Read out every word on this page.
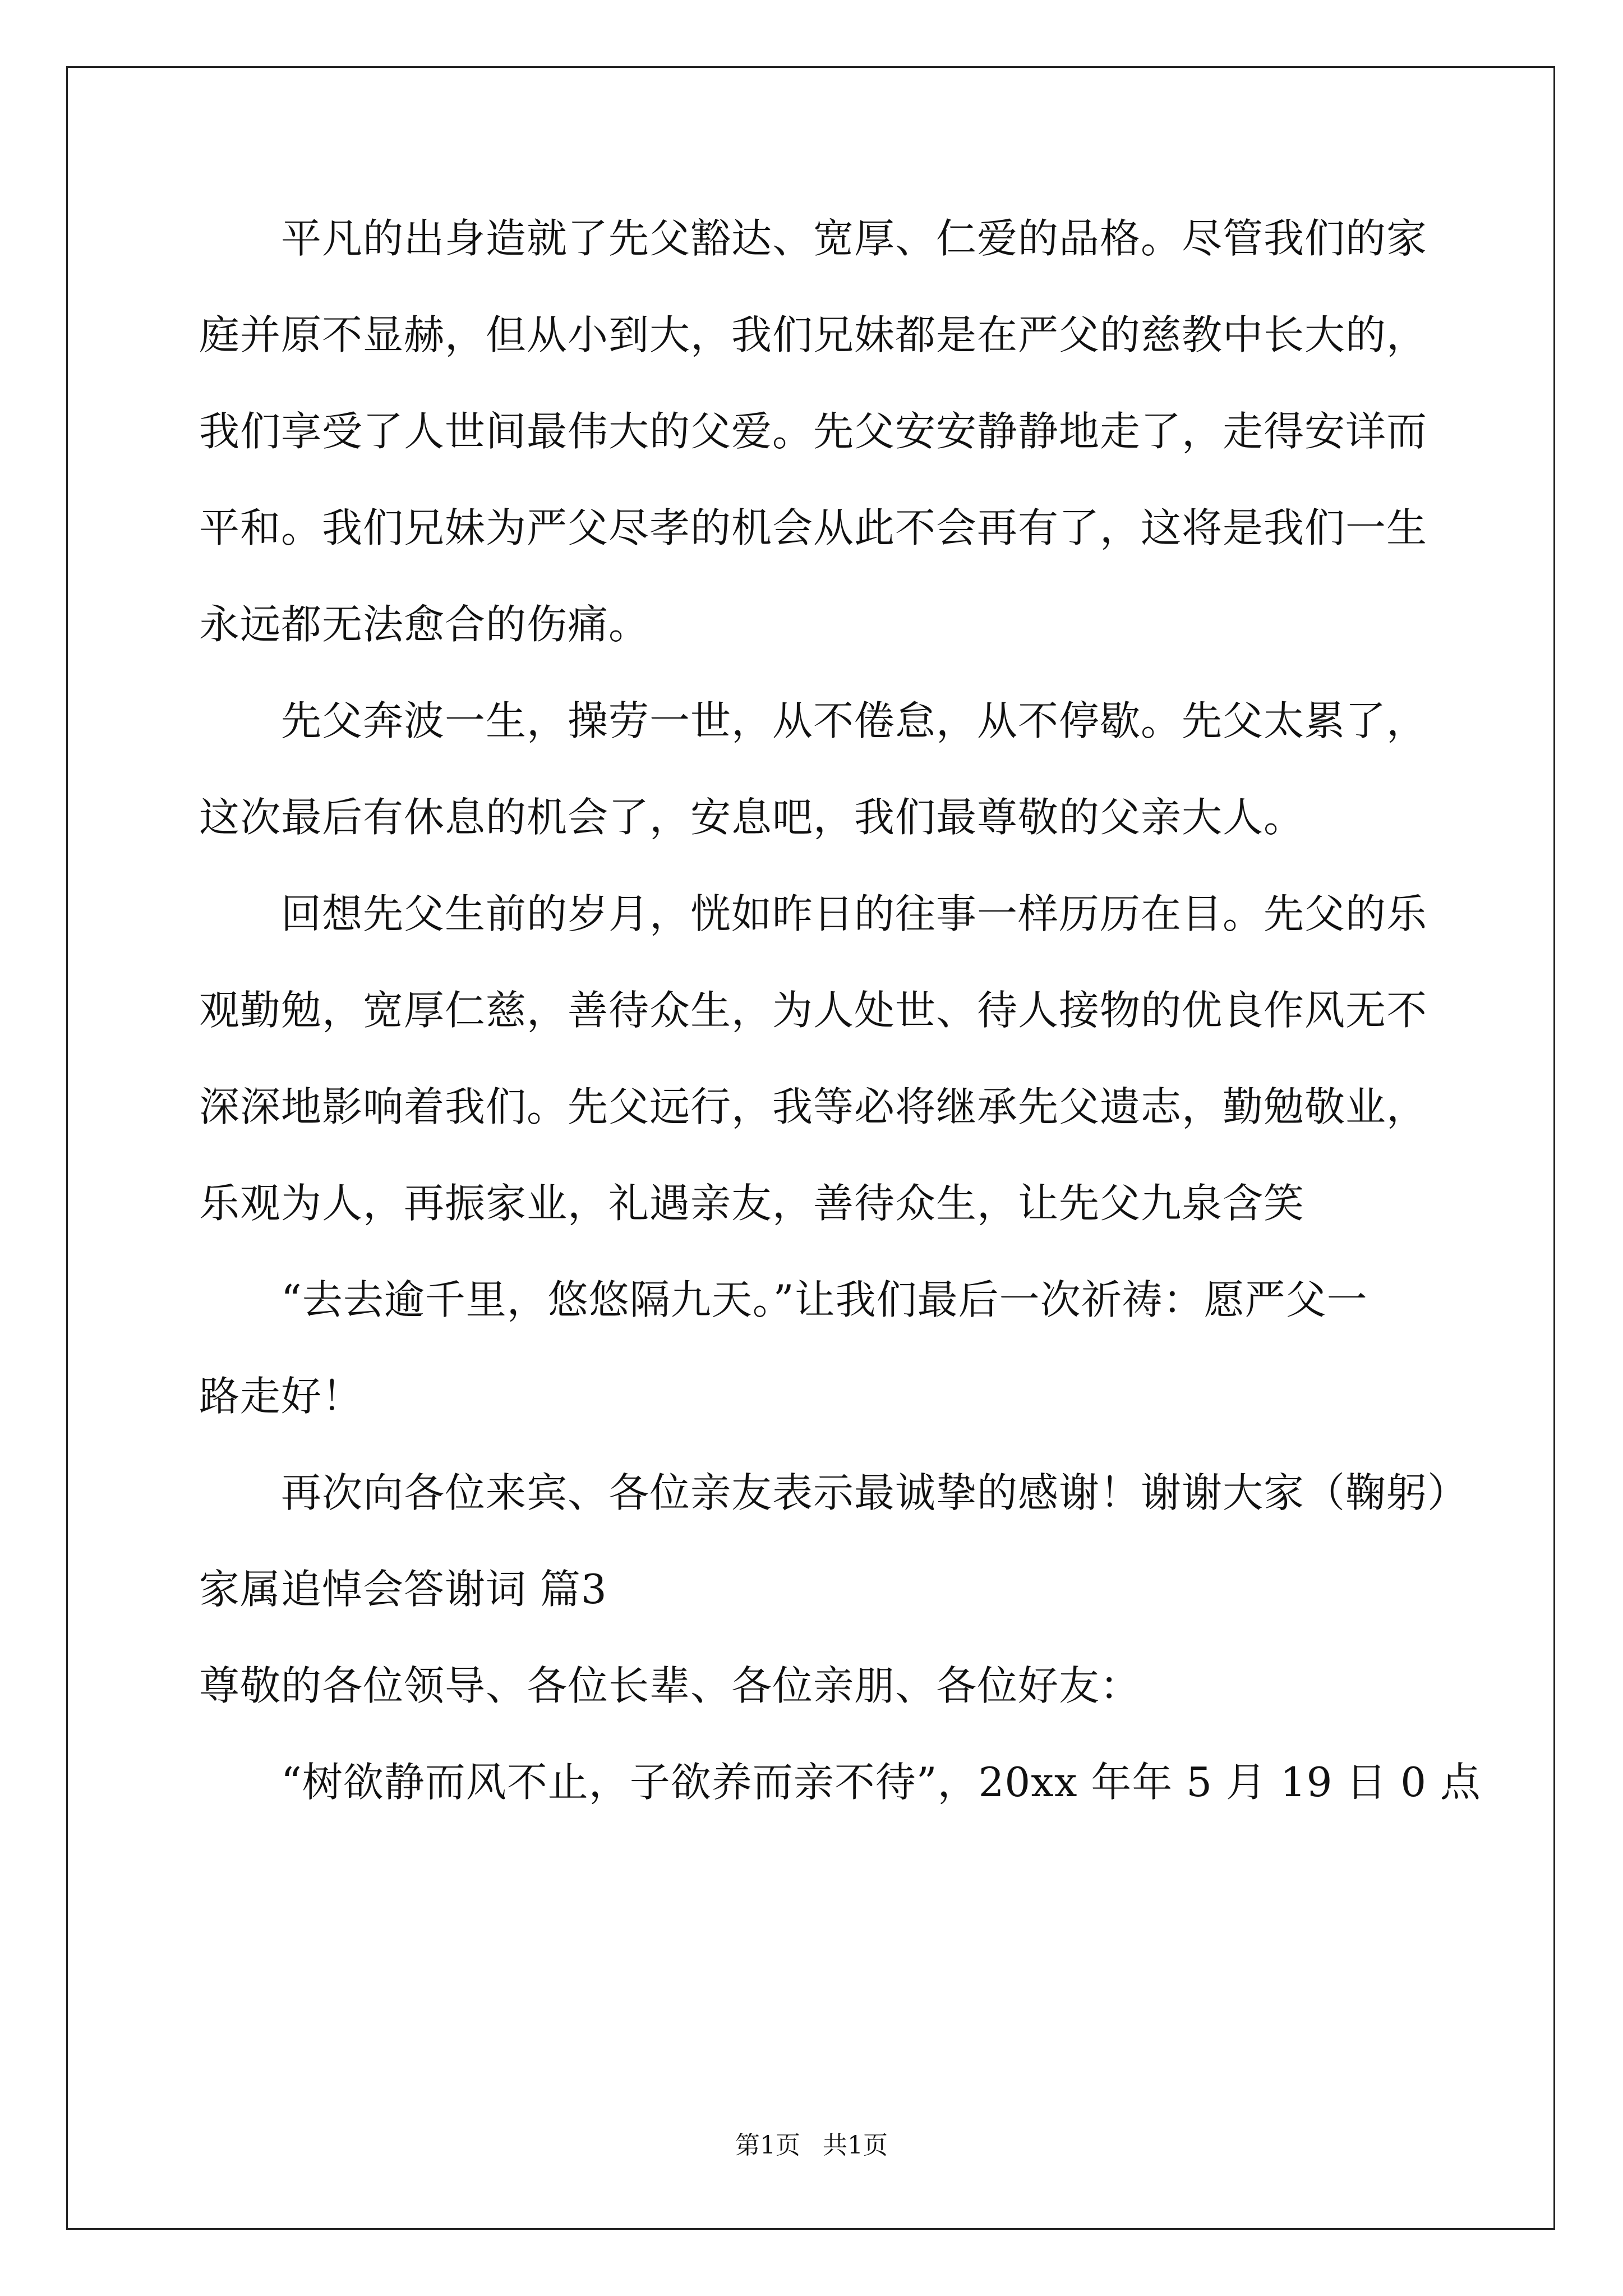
　　平凡的出身造就了先父豁达、宽厚、仁爱的品格。尽管我们的家
庭并原不显赫，但从小到大，我们兄妹都是在严父的慈教中长大的，
我们享受了人世间最伟大的父爱。先父安安静静地走了，走得安详而
平和。我们兄妹为严父尽孝的机会从此不会再有了，这将是我们一生
永远都无法愈合的伤痛。
　　先父奔波一生，操劳一世，从不倦怠，从不停歇。先父太累了，
这次最后有休息的机会了，安息吧，我们最尊敬的父亲大人。
　　回想先父生前的岁月，恍如昨日的往事一样历历在目。先父的乐
观勤勉，宽厚仁慈，善待众生，为人处世、待人接物的优良作风无不
深深地影响着我们。先父远行，我等必将继承先父遗志，勤勉敬业，
乐观为人，再振家业，礼遇亲友，善待众生，让先父九泉含笑
　　“去去逾千里，悠悠隔九天。”让我们最后一次祈祷：愿严父一
路走好！
　　再次向各位来宾、各位亲友表示最诚挚的感谢！谢谢大家（鞠躬）
家属追悼会答谢词 篇3
尊敬的各位领导、各位长辈、各位亲朋、各位好友：
　　“树欲静而风不止，子欲养而亲不待”，20xx 年年 5 月 19 日 0 点
第1页 共1页
